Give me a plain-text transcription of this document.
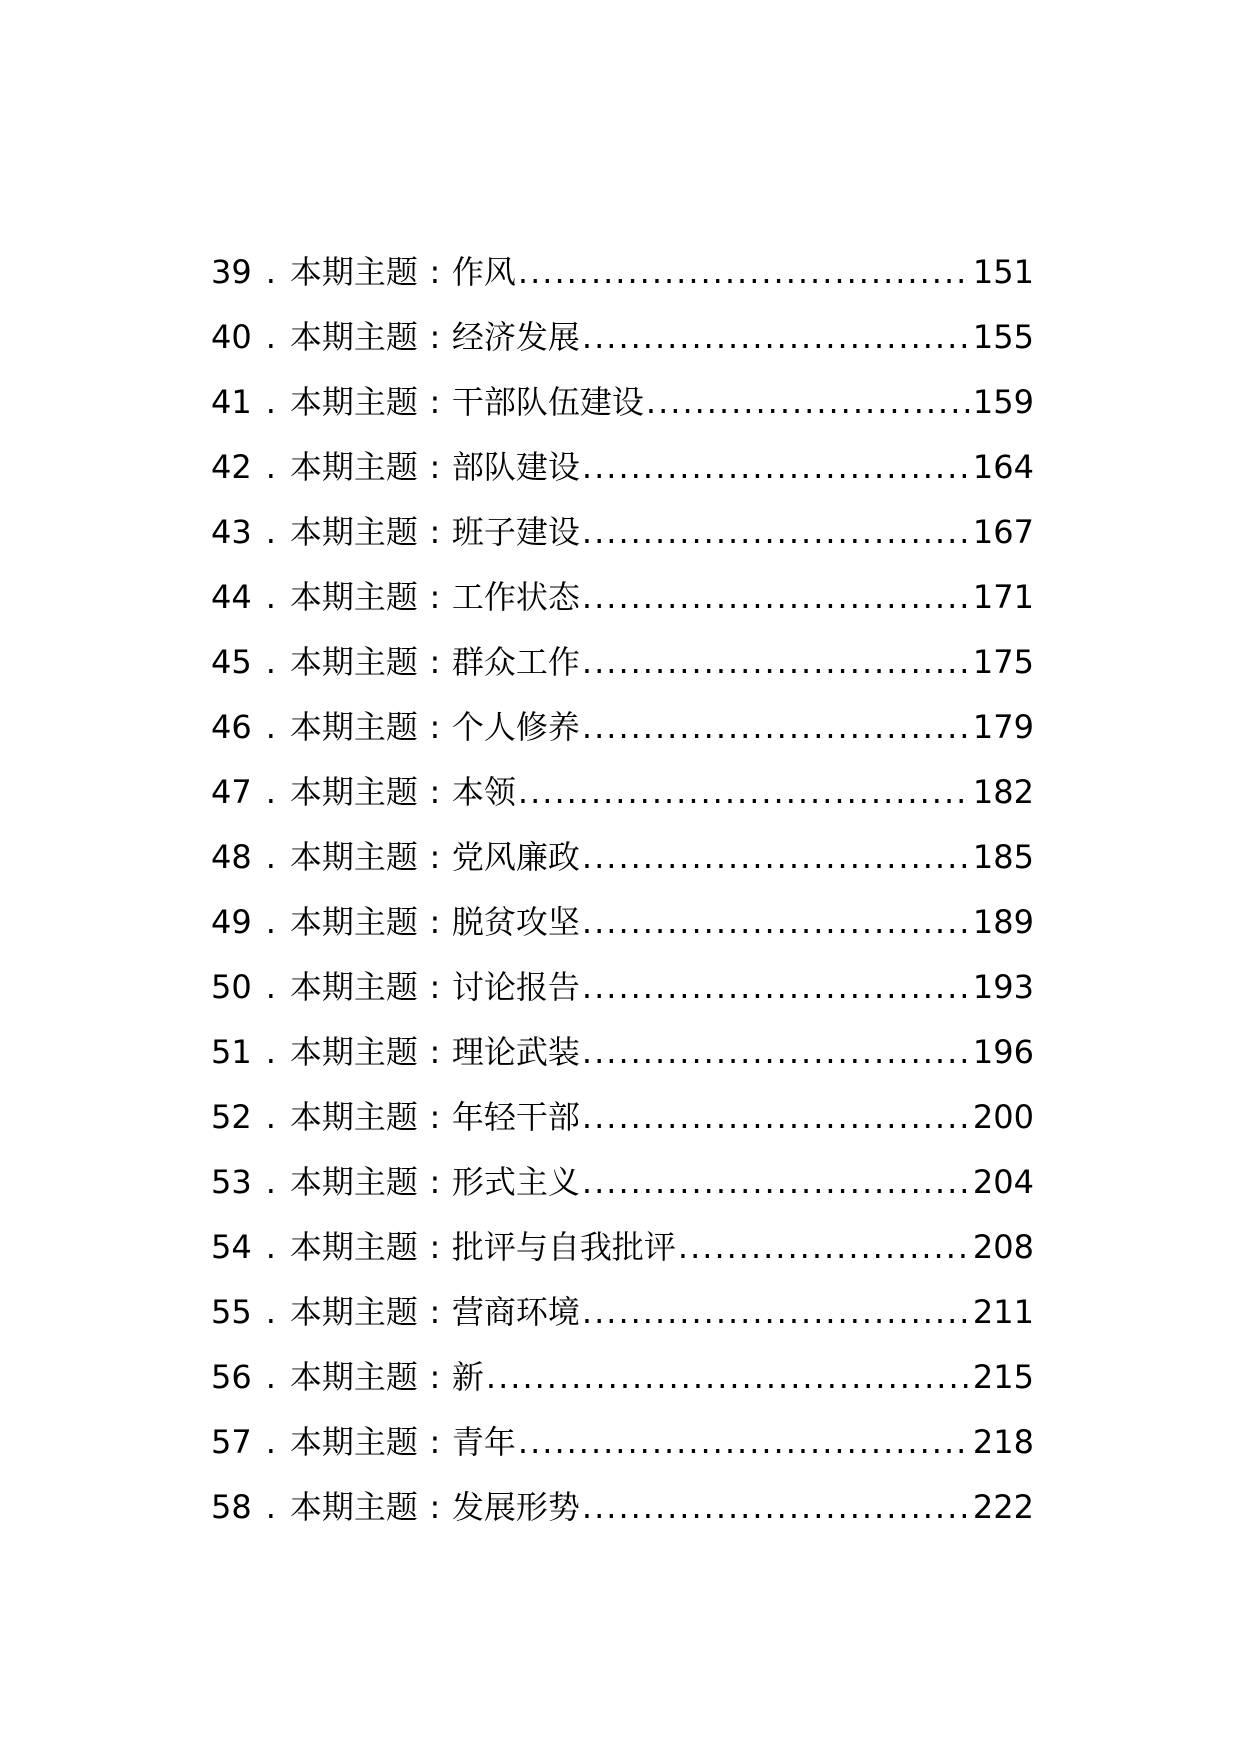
39 . 本期主题 : 作风 .....	151
40 . 本期主题 : 经济发展 .....	155
41 . 本期主题 : 干部队伍建设 .....	159
42 . 本期主题 : 部队建设 .....	164
43 . 本期主题 : 班子建设 .....	167
44 . 本期主题 : 工作状态 .....	171
45 . 本期主题 : 群众工作 .....	175
46 . 本期主题 : 个人修养 .....	179
47 . 本期主题 : 本领 .....	182
48 . 本期主题 : 党风廉政 .....	185
49 . 本期主题 : 脱贫攻坚 .....	189
50 . 本期主题 : 讨论报告 .....	193
51 . 本期主题 : 理论武装 .....	196
52 . 本期主题 : 年轻干部 .....	200
53 . 本期主题 : 形式主义 .....	204
54 . 本期主题 : 批评与自我批评 .....	208
55 . 本期主题 : 营商环境 .....	211
56 . 本期主题 : 新 .....	215
57 . 本期主题 : 青年 .....	218
58 . 本期主题 : 发展形势 .....	222
